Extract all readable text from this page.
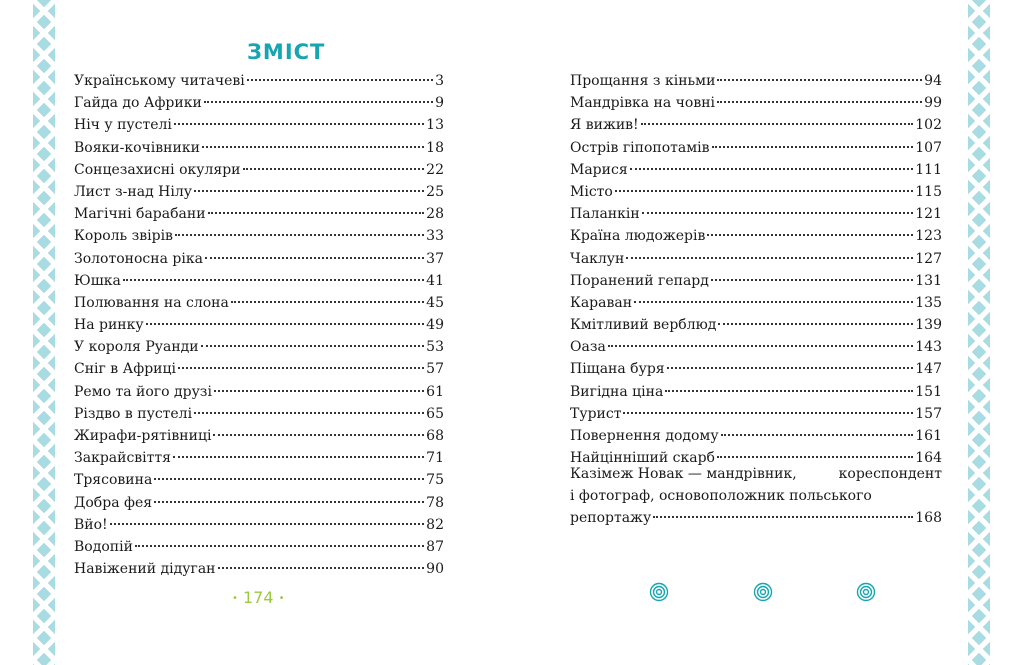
ЗМІСТ
Українському читачеві	3
Гайда до Африки	9
Ніч у пустелі	13
Вояки-кочівники	18
Сонцезахисні окуляри	22
Лист з-над Нілу	25
Магічні барабани	28
Король звірів	33
Золотоносна ріка	37
Юшка	41
Полювання на слона	45
На ринку	49
У короля Руанди	53
Сніг в Африці	57
Ремо та його друзі	61
Різдво в пустелі	65
Жирафи-рятівниці	68
Закрайсвіття	71
Трясовина	75
Добра фея	78
Вйо!	82
Водопій	87
Навіжений дідуган	90
Прощання з кіньми	94
Мандрівка на човні	99
Я вижив!	102
Острів гіпопотамів	107
Марися	111
Місто	115
Паланкін	121
Країна людожерів	123
Чаклун	127
Поранений гепард	131
Караван	135
Кмітливий верблюд	139
Оаза	143
Піщана буря	147
Вигідна ціна	151
Турист	157
Повернення додому	161
Найцінніший скарб	164
Казімеж Новак — мандрівник,	кореспондент
і фотограф, основоположник польського
репортажу	168
• 174 •
